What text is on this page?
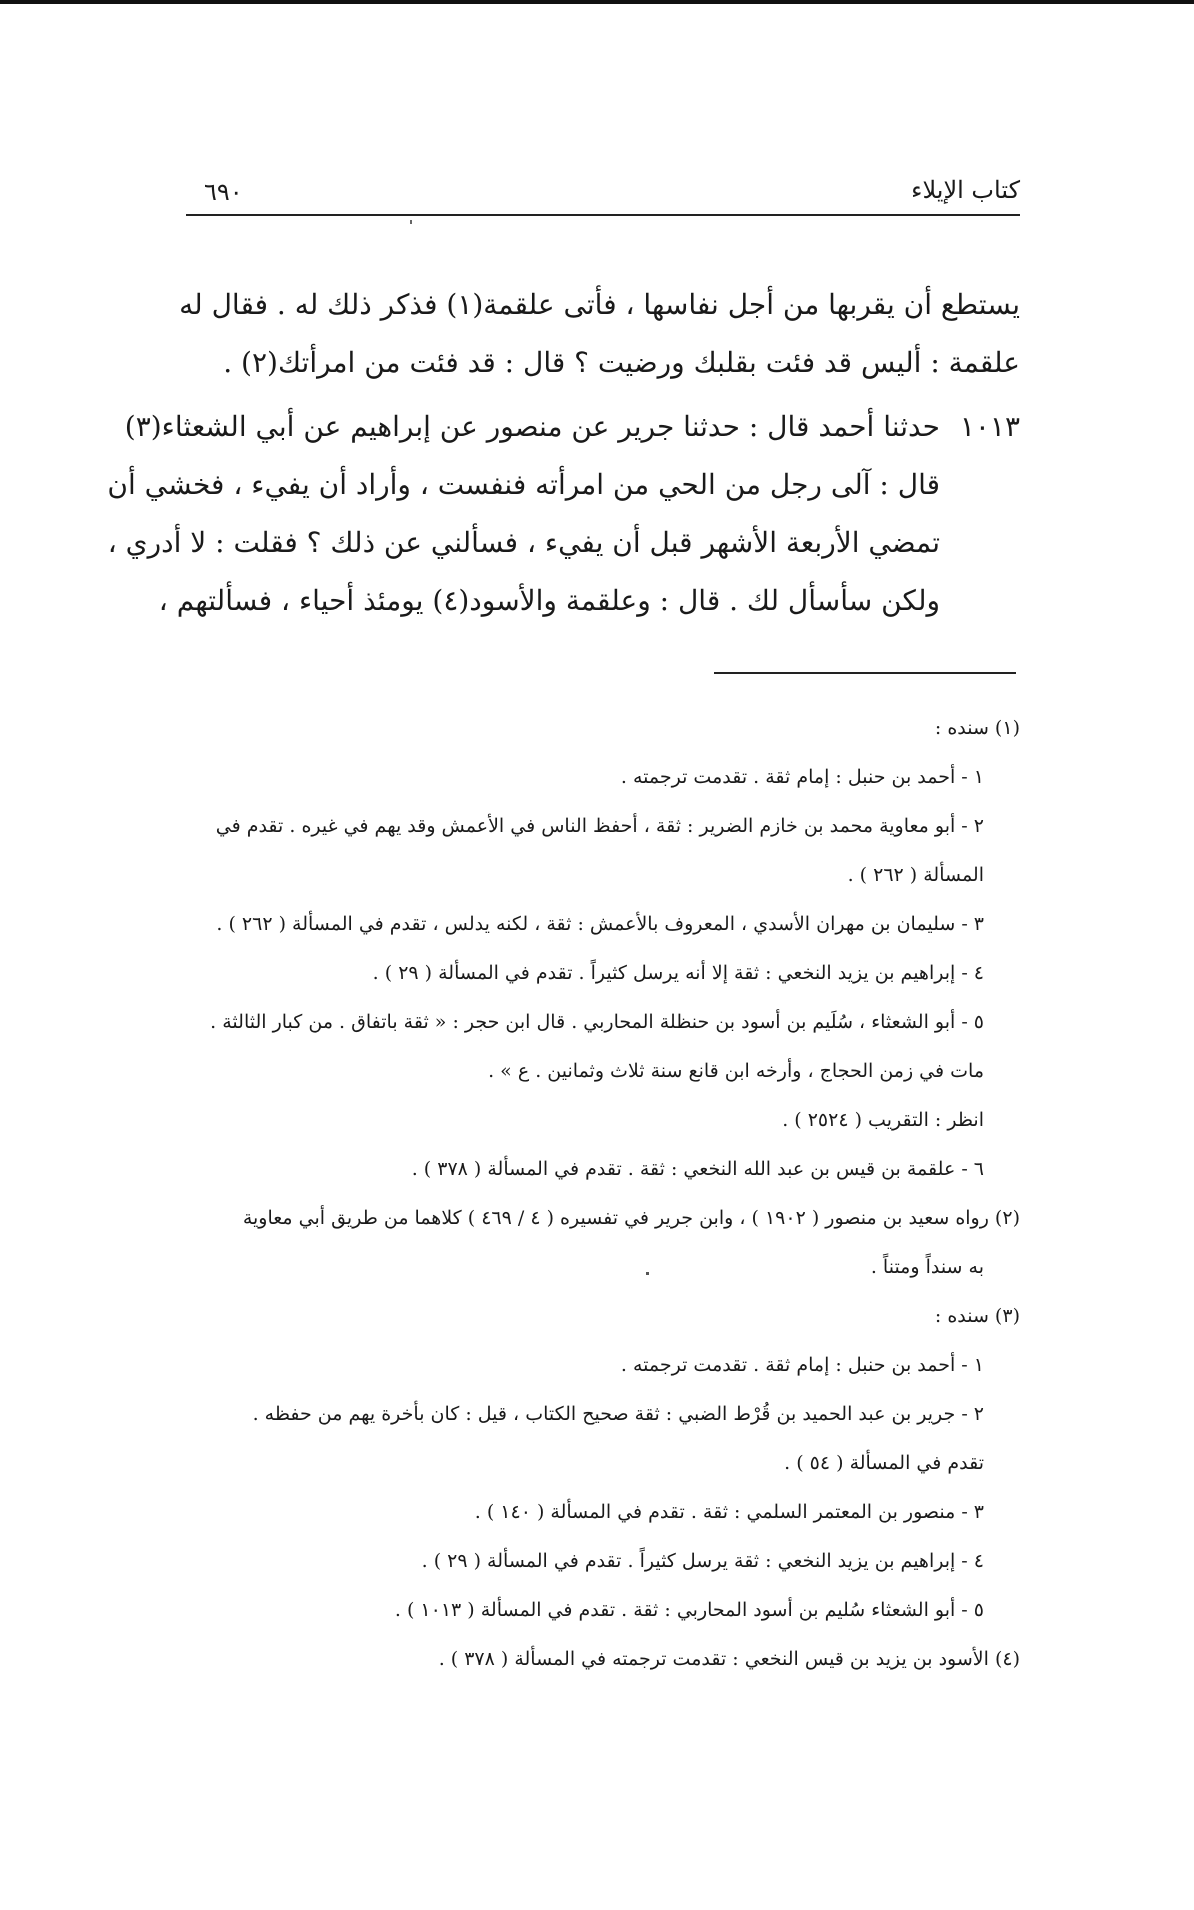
كتاب الإيلاء
٦٩٠
يستطع أن يقربها من أجل نفاسها ، فأتى علقمة(١) فذكر ذلك له . فقال له
علقمة : أليس قد فئت بقلبك ورضيت ؟ قال : قد فئت من امرأتك(٢) .
١٠١٣
حدثنا أحمد قال : حدثنا جرير عن منصور عن إبراهيم عن أبي الشعثاء(٣)
قال : آلى رجل من الحي من امرأته فنفست ، وأراد أن يفيء ، فخشي أن
تمضي الأربعة الأشهر قبل أن يفيء ، فسألني عن ذلك ؟ فقلت : لا أدري ،
ولكن سأسأل لك . قال : وعلقمة والأسود(٤) يومئذ أحياء ، فسألتهم ،
(١) سنده :
١ - أحمد بن حنبل : إمام ثقة . تقدمت ترجمته .
٢ - أبو معاوية محمد بن خازم الضرير : ثقة ، أحفظ الناس في الأعمش وقد يهم في غيره . تقدم في
المسألة ( ٢٦٢ ) .
٣ - سليمان بن مهران الأسدي ، المعروف بالأعمش : ثقة ، لكنه يدلس ، تقدم في المسألة ( ٢٦٢ ) .
٤ - إبراهيم بن يزيد النخعي : ثقة إلا أنه يرسل كثيراً . تقدم في المسألة ( ٢٩ ) .
٥ - أبو الشعثاء ، سُلَيم بن أسود بن حنظلة المحاربي . قال ابن حجر : « ثقة باتفاق . من كبار الثالثة .
مات في زمن الحجاج ، وأرخه ابن قانع سنة ثلاث وثمانين . ع » .
انظر : التقريب ( ٢٥٢٤ ) .
٦ - علقمة بن قيس بن عبد الله النخعي : ثقة . تقدم في المسألة ( ٣٧٨ ) .
(٢) رواه سعيد بن منصور ( ١٩٠٢ ) ، وابن جرير في تفسيره ( ٤ / ٤٦٩ ) كلاهما من طريق أبي معاوية
به سنداً ومتناً .
(٣) سنده :
١ - أحمد بن حنبل : إمام ثقة . تقدمت ترجمته .
٢ - جرير بن عبد الحميد بن قُرْط الضبي : ثقة صحيح الكتاب ، قيل : كان بأخرة يهم من حفظه .
تقدم في المسألة ( ٥٤ ) .
٣ - منصور بن المعتمر السلمي : ثقة . تقدم في المسألة ( ١٤٠ ) .
٤ - إبراهيم بن يزيد النخعي : ثقة يرسل كثيراً . تقدم في المسألة ( ٢٩ ) .
٥ - أبو الشعثاء سُليم بن أسود المحاربي : ثقة . تقدم في المسألة ( ١٠١٣ ) .
(٤) الأسود بن يزيد بن قيس النخعي : تقدمت ترجمته في المسألة ( ٣٧٨ ) .
